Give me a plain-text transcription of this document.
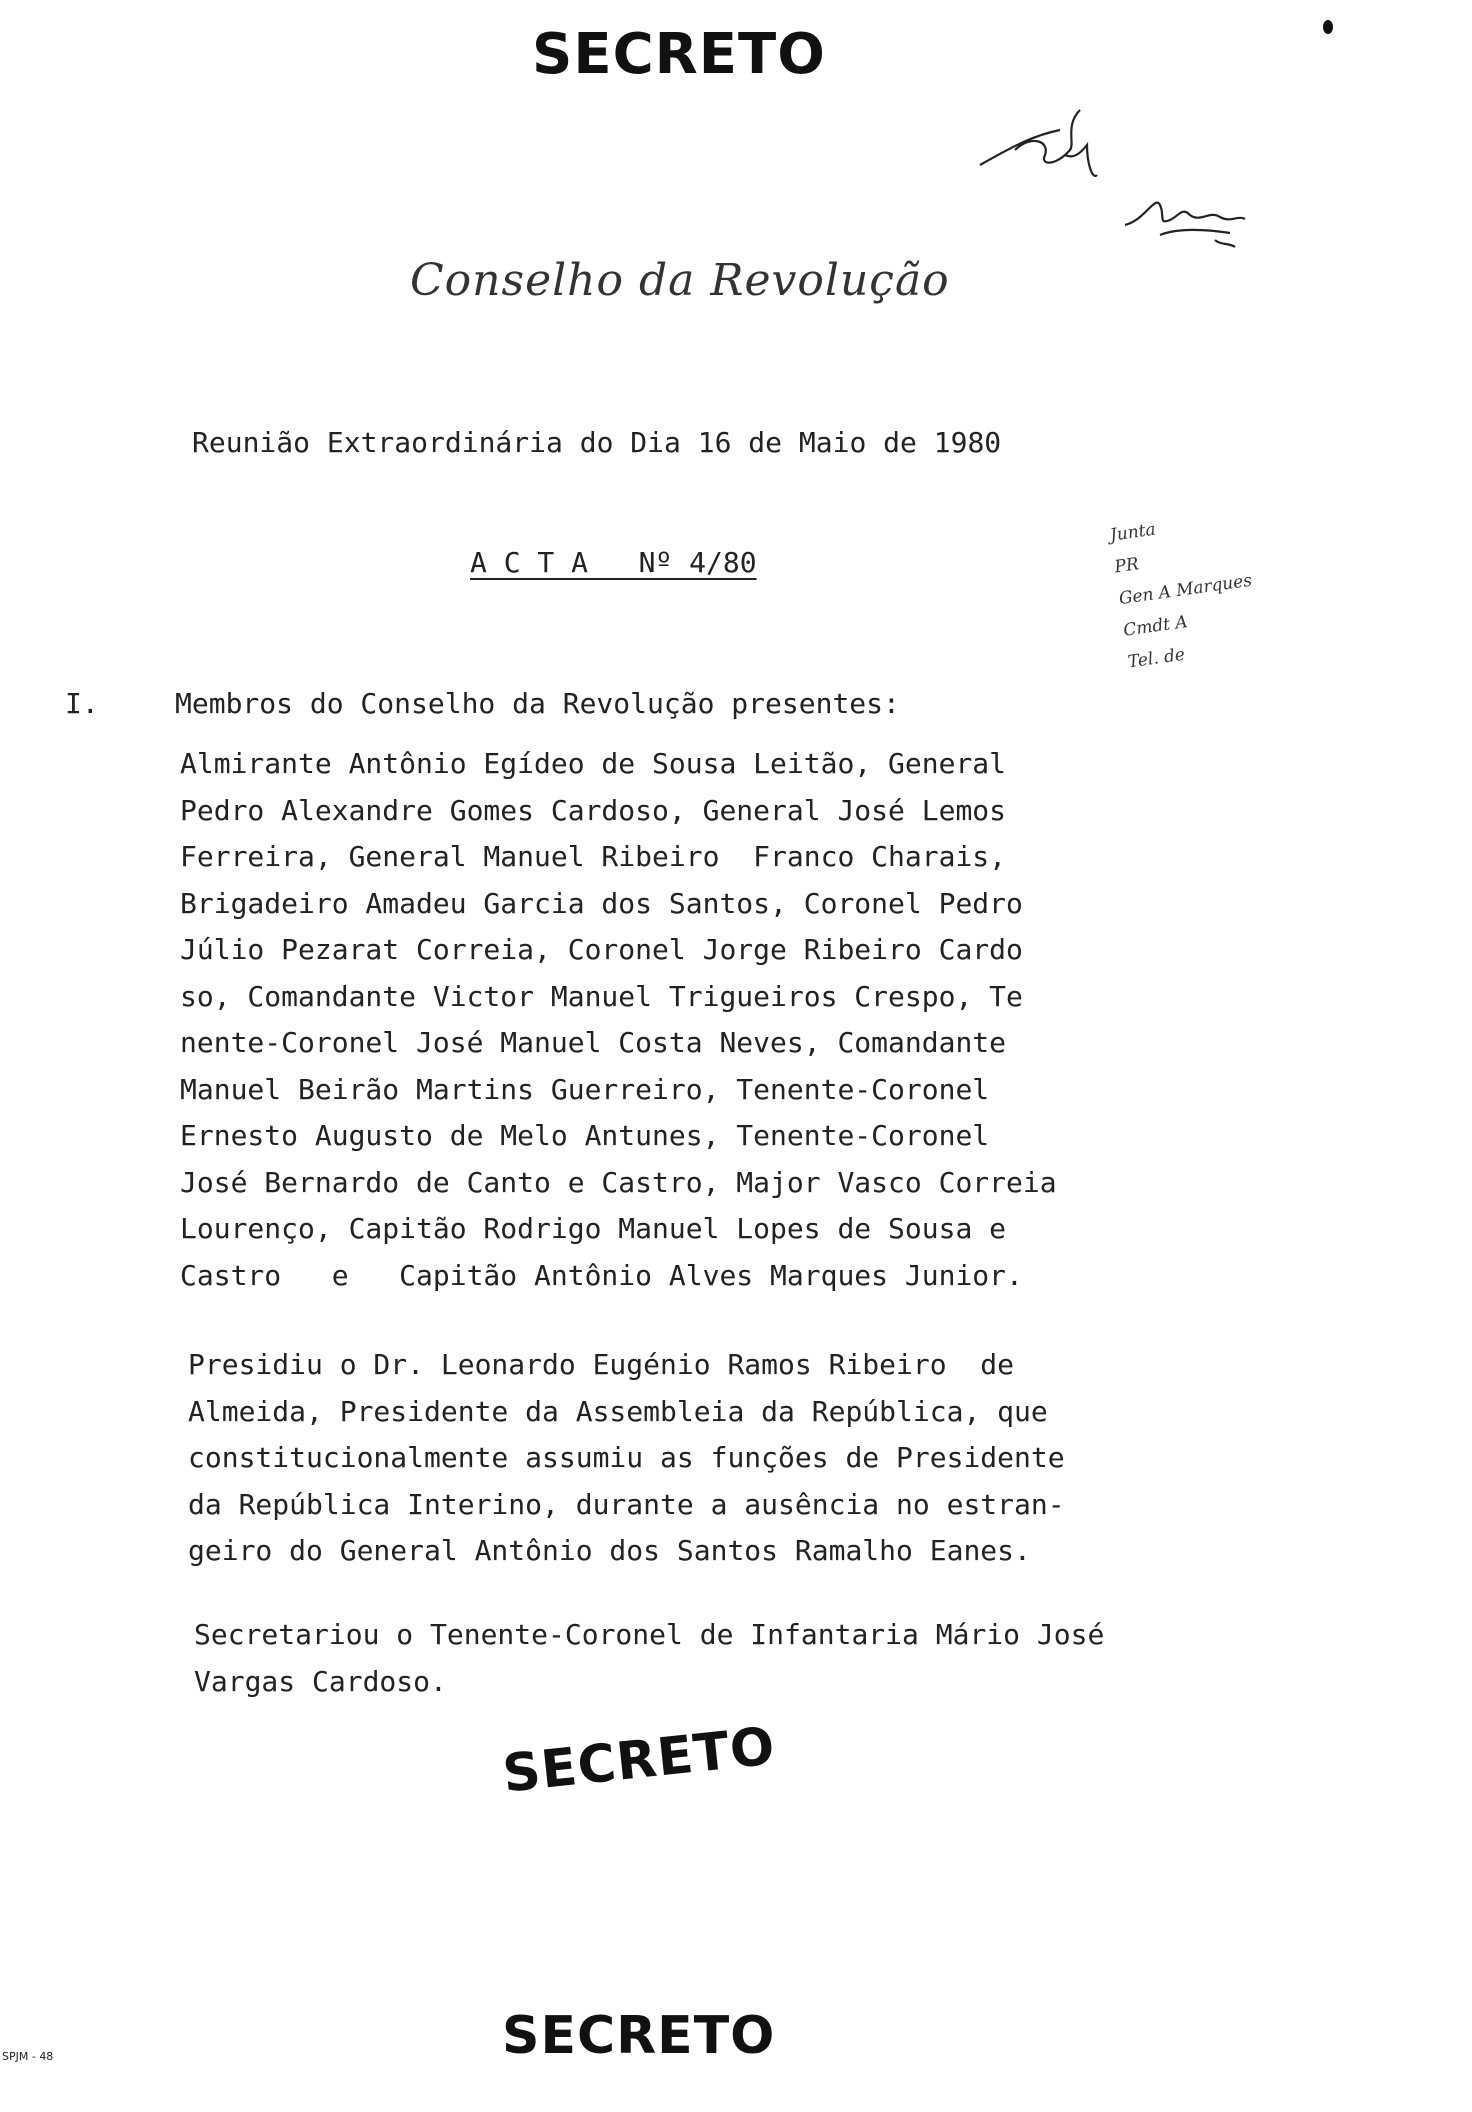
SECRETO
Conselho da Revolução
Reunião Extraordinária do Dia 16 de Maio de 1980
A C T A   Nº 4/80
Junta
PR
Gen A Marques
Cmdt A
Tel. de
I.	Membros do Conselho da Revolução presentes:
Almirante Antônio Egídeo de Sousa Leitão, General
Pedro Alexandre Gomes Cardoso, General José Lemos
Ferreira, General Manuel Ribeiro  Franco Charais,
Brigadeiro Amadeu Garcia dos Santos, Coronel Pedro
Júlio Pezarat Correia, Coronel Jorge Ribeiro Cardo
so, Comandante Victor Manuel Trigueiros Crespo, Te
nente-Coronel José Manuel Costa Neves, Comandante
Manuel Beirão Martins Guerreiro, Tenente-Coronel
Ernesto Augusto de Melo Antunes, Tenente-Coronel
José Bernardo de Canto e Castro, Major Vasco Correia
Lourenço, Capitão Rodrigo Manuel Lopes de Sousa e
Castro   e   Capitão Antônio Alves Marques Junior.
Presidiu o Dr. Leonardo Eugénio Ramos Ribeiro  de
Almeida, Presidente da Assembleia da República, que
constitucionalmente assumiu as funções de Presidente
da República Interino, durante a ausência no estran-
geiro do General Antônio dos Santos Ramalho Eanes.
Secretariou o Tenente-Coronel de Infantaria Mário José
Vargas Cardoso.
SECRETO
SECRETO
SPJM - 48
